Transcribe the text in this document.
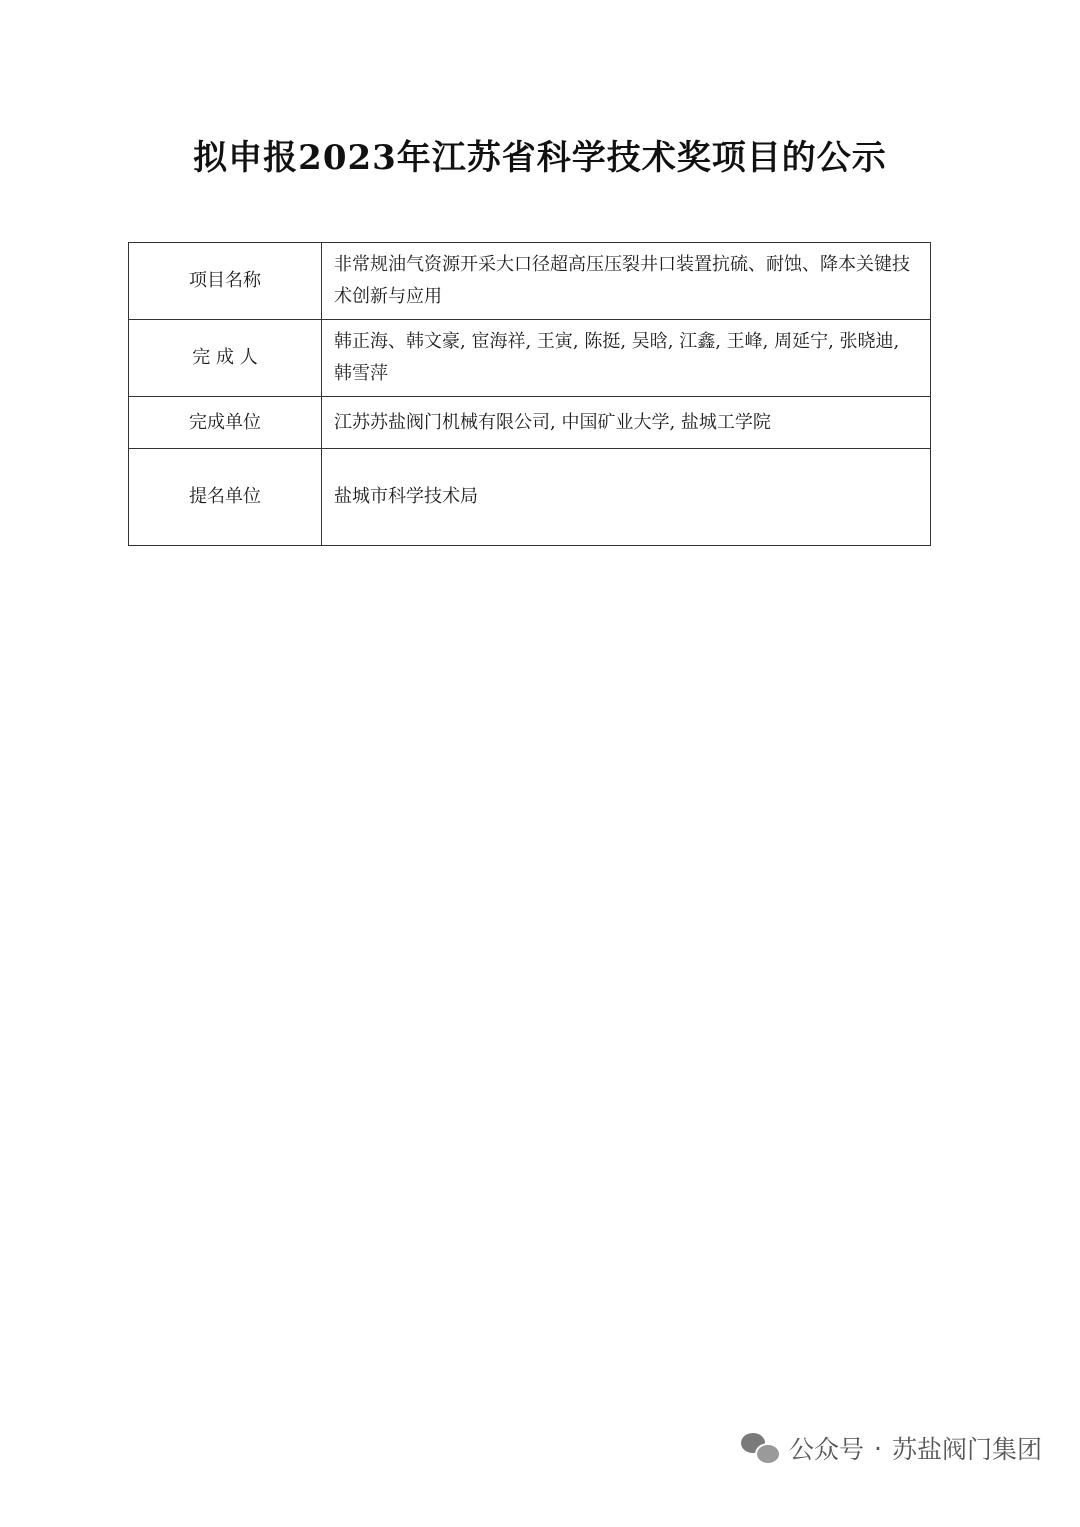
拟申报2023年江苏省科学技术奖项目的公示
项目名称	非常规油气资源开采大口径超高压压裂井口装置抗硫、耐蚀、降本关键技术创新与应用
完 成 人	韩正海、韩文豪, 宦海祥, 王寅, 陈挺, 吴晗, 江鑫, 王峰, 周延宁, 张晓迪, 韩雪萍
完成单位	江苏苏盐阀门机械有限公司, 中国矿业大学, 盐城工学院
提名单位	盐城市科学技术局
公众号 · 苏盐阀门集团
